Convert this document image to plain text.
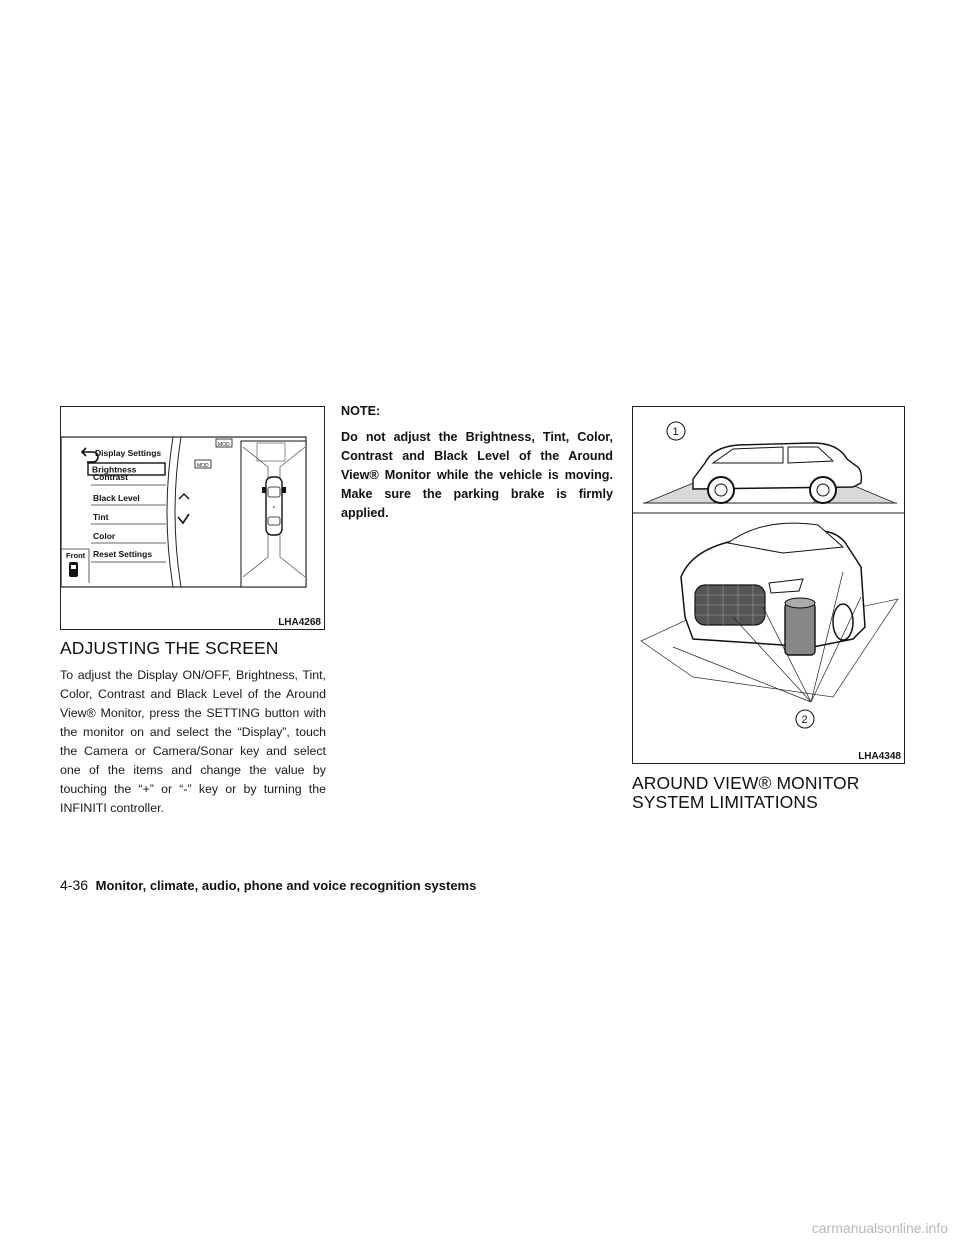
Display Settings
Brightness
Contrast
Black Level
Tint
Color
Reset Settings
Front
MOD
MOD
LHA4268
ADJUSTING THE SCREEN

To adjust the Display ON/OFF, Brightness, Tint, Color, Contrast and Black Level of the Around View® Monitor, press the SETTING button with the monitor on and select the “Display”, touch the Camera or Camera/Sonar key and select one of the items and change the value by touching the “+” or “-” key or by turning the INFINITI controller.

NOTE:

Do not adjust the Brightness, Tint, Color, Contrast and Black Level of the Around View® Monitor while the vehicle is moving. Make sure the parking brake is firmly applied.

1
2
LHA4348
AROUND VIEW® MONITOR
SYSTEM LIMITATIONS
4-36 Monitor, climate, audio, phone and voice recognition systems
carmanualsonline.info
